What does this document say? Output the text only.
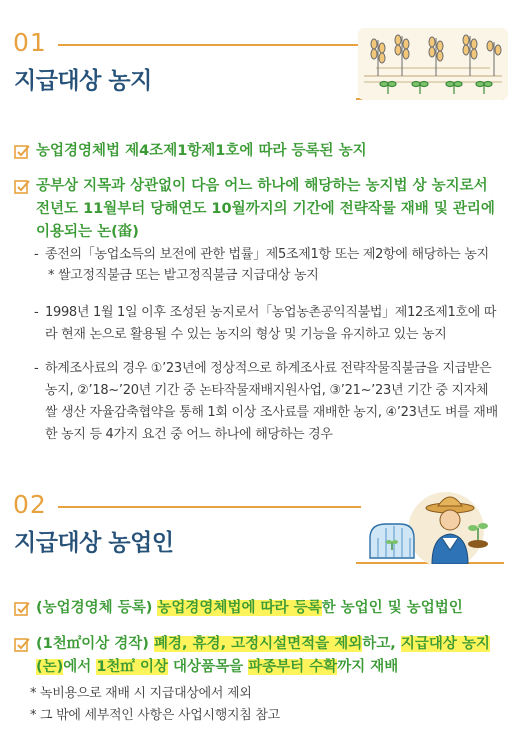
01
지급대상 농지
농업경영체법 제4조제1항제1호에 따라 등록된 농지
공부상 지목과 상관없이 다음 어느 하나에 해당하는 농지법 상 농지로서 전년도 11월부터 당해연도 10월까지의 기간에 전략작물 재배 및 관리에 이용되는 논(畓)
- 종전의「농업소득의 보전에 관한 법률」제5조제1항 또는 제2항에 해당하는 농지
* 쌀고정직불금 또는 밭고정직불금 지급대상 농지
- 1998년 1월 1일 이후 조성된 농지로서「농업농촌공익직불법」제12조제1호에 따라 현재 논으로 활용될 수 있는 농지의 형상 및 기능을 유지하고 있는 농지
- 하계조사료의 경우 ①’23년에 정상적으로 하계조사료 전략작물직불금을 지급받은 농지, ②’18~’20년 기간 중 논타작물재배지원사업, ③’21~’23년 기간 중 지자체 쌀 생산 자율감축협약을 통해 1회 이상 조사료를 재배한 농지, ④’23년도 벼를 재배한 농지 등 4가지 요건 중 어느 하나에 해당하는 경우
02
지급대상 농업인
(농업경영체 등록) 농업경영체법에 따라 등록한 농업인 및 농업법인
(1천㎡이상 경작) 폐경, 휴경, 고정시설면적을 제외하고, 지급대상 농지(논)에서 1천㎡ 이상 대상품목을 파종부터 수확까지 재배
* 녹비용으로 재배 시 지급대상에서 제외
* 그 밖에 세부적인 사항은 사업시행지침 참고
